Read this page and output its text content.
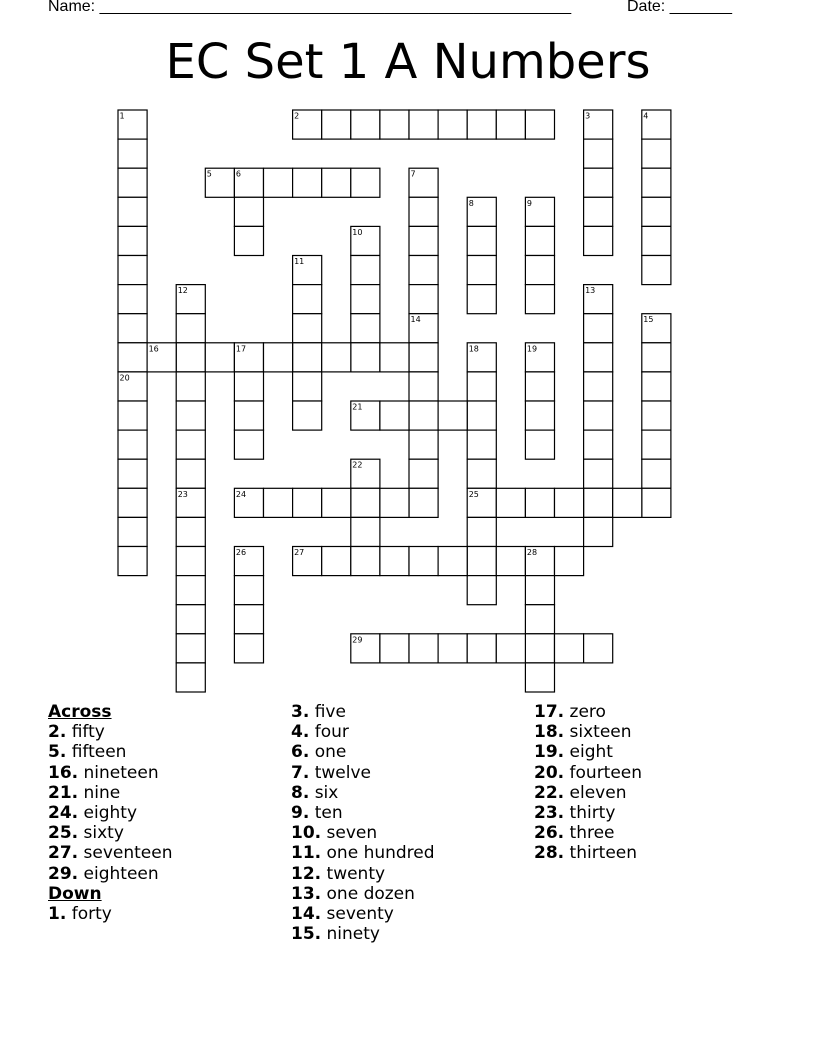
Name: _____________________________________________________	Date: _______
EC Set 1 A Numbers
1	2	3	4
5	6	7
8	9
10
11
12	13
14	15
16	17	18	19
20
21
22
23	24	25
26	27	28
29
Across
2. fifty
5. fifteen
16. nineteen
21. nine
24. eighty
25. sixty
27. seventeen
29. eighteen
Down
1. forty
3. five
4. four
6. one
7. twelve
8. six
9. ten
10. seven
11. one hundred
12. twenty
13. one dozen
14. seventy
15. ninety
17. zero
18. sixteen
19. eight
20. fourteen
22. eleven
23. thirty
26. three
28. thirteen
